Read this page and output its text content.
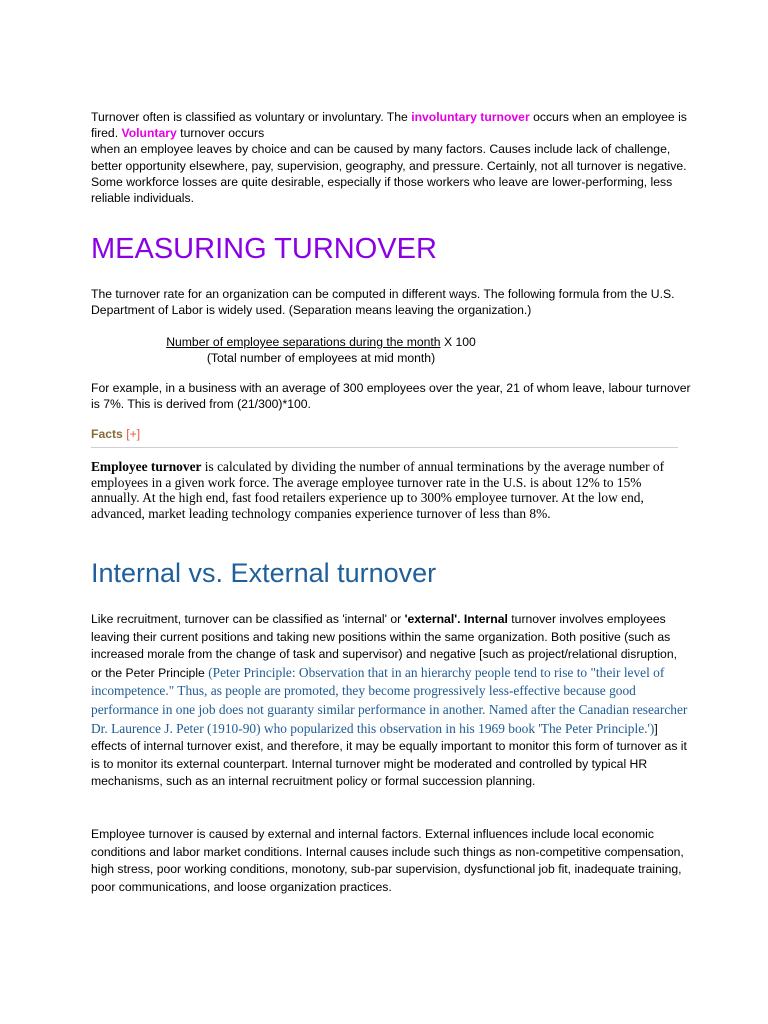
Turnover often is classified as voluntary or involuntary. The involuntary turnover occurs when an employee is fired. Voluntary turnover occurs
when an employee leaves by choice and can be caused by many factors. Causes include lack of challenge, better opportunity elsewhere, pay, supervision, geography, and pressure. Certainly, not all turnover is negative. Some workforce losses are quite desirable, especially if those workers who leave are lower-performing, less reliable individuals.

MEASURING TURNOVER

The turnover rate for an organization can be computed in different ways. The following formula from the U.S. Department of Labor is widely used. (Separation means leaving the organization.)

Number of employee separations during the month X 100
(Total number of employees at mid month)

For example, in a business with an average of 300 employees over the year, 21 of whom leave, labour turnover is 7%. This is derived from (21/300)*100.

Facts [+]

Employee turnover is calculated by dividing the number of annual terminations by the average number of employees in a given work force. The average employee turnover rate in the U.S. is about 12% to 15% annually. At the high end, fast food retailers experience up to 300% employee turnover. At the low end, advanced, market leading technology companies experience turnover of less than 8%.

Internal vs. External turnover

Like recruitment, turnover can be classified as 'internal' or 'external'. Internal turnover involves employees leaving their current positions and taking new positions within the same organization. Both positive (such as increased morale from the change of task and supervisor) and negative [such as project/relational disruption, or the Peter Principle (Peter Principle: Observation that in an hierarchy people tend to rise to "their level of incompetence." Thus, as people are promoted, they become progressively less-effective because good performance in one job does not guaranty similar performance in another. Named after the Canadian researcher Dr. Laurence J. Peter (1910-90) who popularized this observation in his 1969 book 'The Peter Principle.')] effects of internal turnover exist, and therefore, it may be equally important to monitor this form of turnover as it is to monitor its external counterpart. Internal turnover might be moderated and controlled by typical HR mechanisms, such as an internal recruitment policy or formal succession planning.

Employee turnover is caused by external and internal factors. External influences include local economic conditions and labor market conditions. Internal causes include such things as non-competitive compensation, high stress, poor working conditions, monotony, sub-par supervision, dysfunctional job fit, inadequate training, poor communications, and loose organization practices.
